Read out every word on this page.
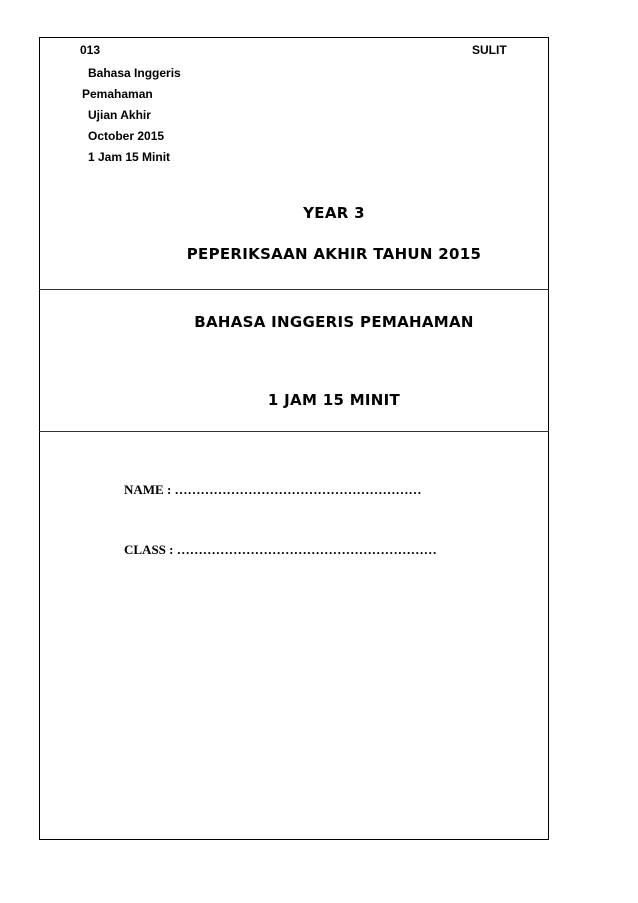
013	SULIT
Bahasa Inggeris
Pemahaman
Ujian Akhir
October 2015
1 Jam 15 Minit
YEAR 3
PEPERIKSAAN AKHIR TAHUN 2015
BAHASA INGGERIS PEMAHAMAN
1 JAM 15 MINIT
NAME : …………………………………………………
CLASS : ……………………………………………………
